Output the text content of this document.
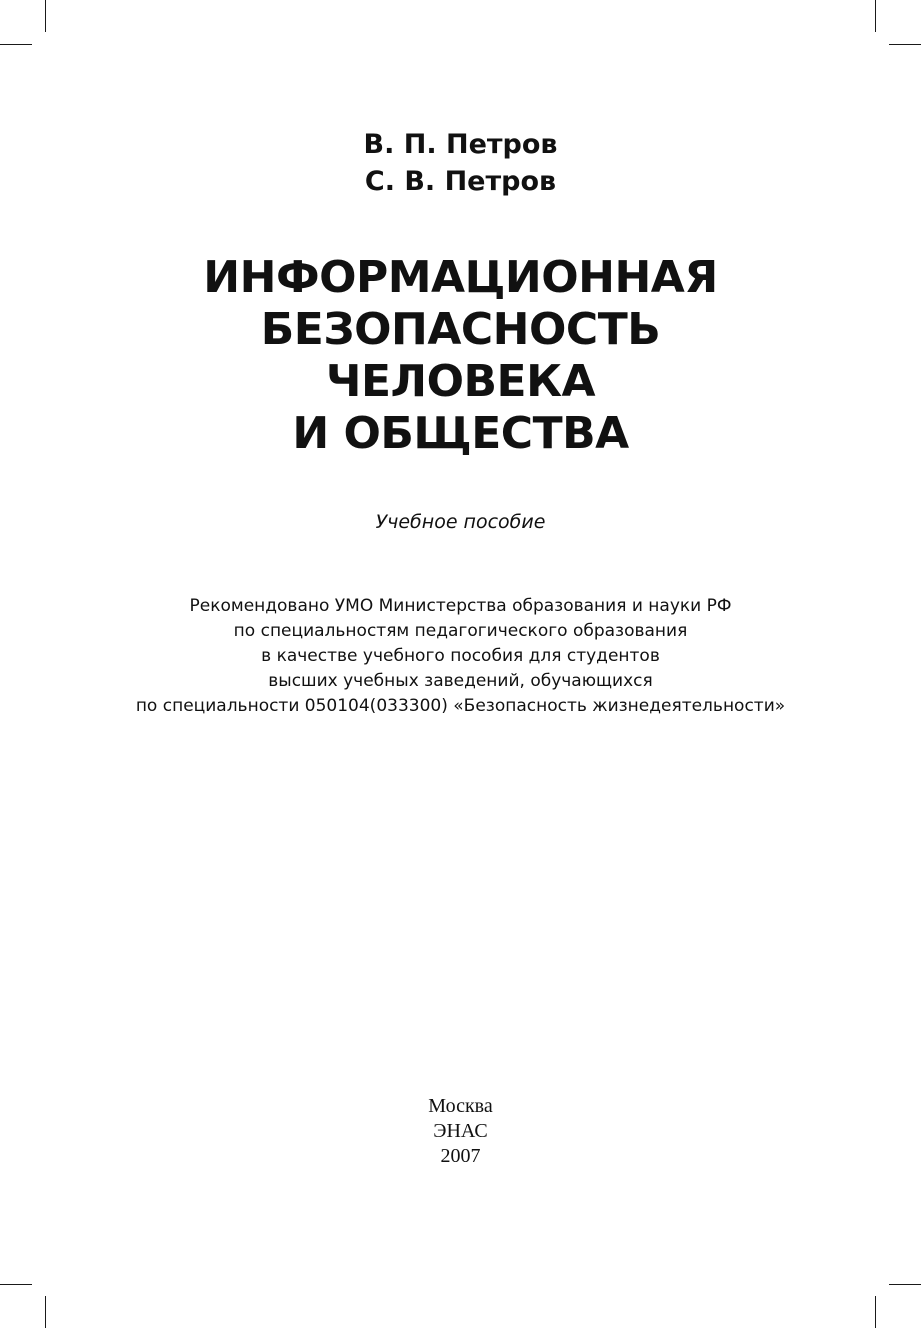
В. П. Петров
С. В. Петров
ИНФОРМАЦИОННАЯ
БЕЗОПАСНОСТЬ
ЧЕЛОВЕКА
И ОБЩЕСТВА
Учебное пособие
Рекомендовано УМО Министерства образования и науки РФ
по специальностям педагогического образования
в качестве учебного пособия для студентов
высших учебных заведений, обучающихся
по специальности 050104(033300) «Безопасность жизнедеятельности»
Москва
ЭНАС
2007
